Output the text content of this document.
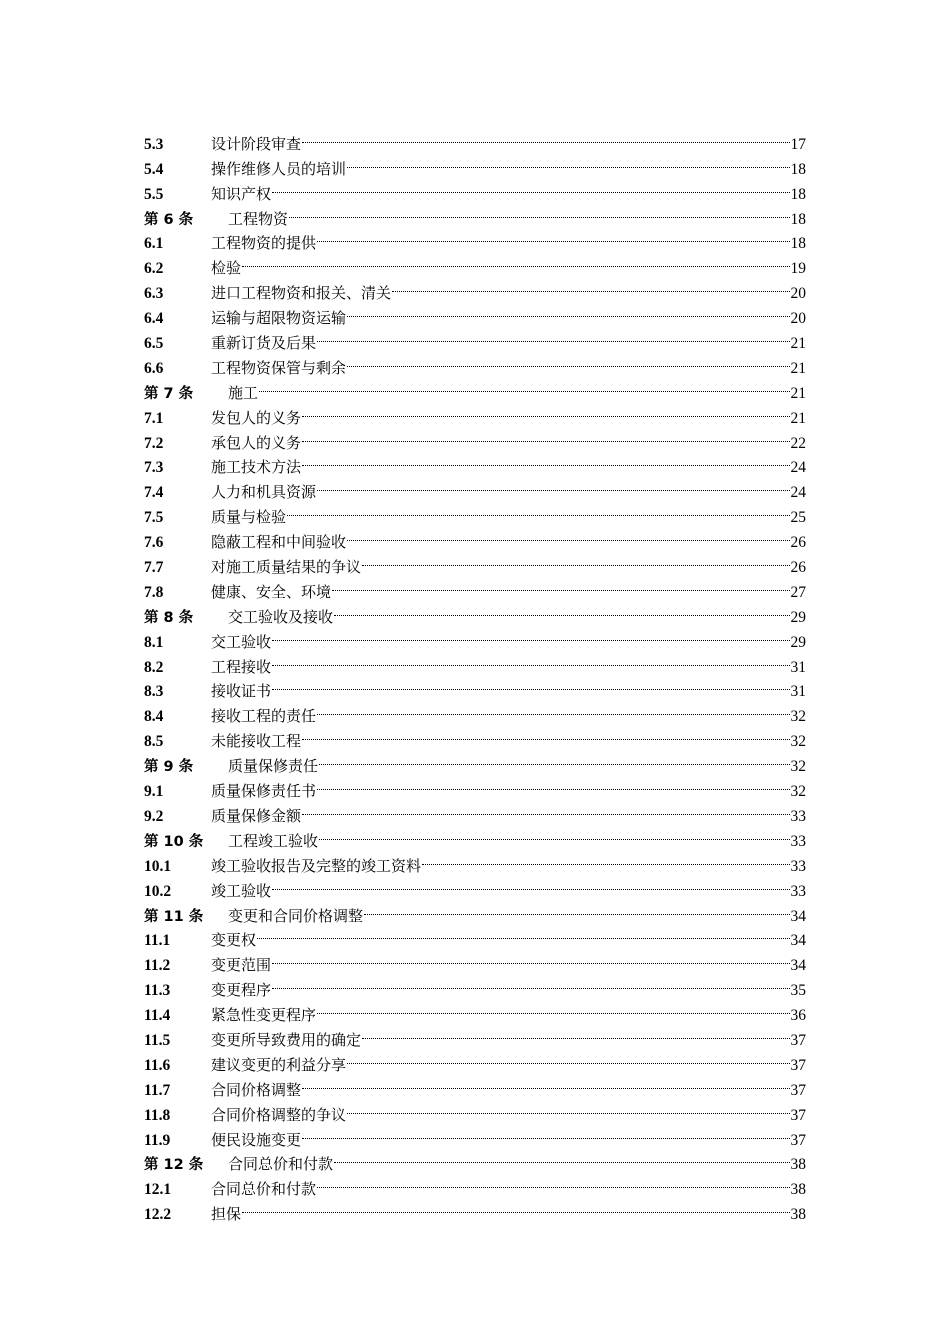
5.3	设计阶段审查	17
5.4	操作维修人员的培训	18
5.5	知识产权	18
第 6 条	工程物资	18
6.1	工程物资的提供	18
6.2	检验	19
6.3	进口工程物资和报关、清关	20
6.4	运输与超限物资运输	20
6.5	重新订货及后果	21
6.6	工程物资保管与剩余	21
第 7 条	施工	21
7.1	发包人的义务	21
7.2	承包人的义务	22
7.3	施工技术方法	24
7.4	人力和机具资源	24
7.5	质量与检验	25
7.6	隐蔽工程和中间验收	26
7.7	对施工质量结果的争议	26
7.8	健康、安全、环境	27
第 8 条	交工验收及接收	29
8.1	交工验收	29
8.2	工程接收	31
8.3	接收证书	31
8.4	接收工程的责任	32
8.5	未能接收工程	32
第 9 条	质量保修责任	32
9.1	质量保修责任书	32
9.2	质量保修金额	33
第 10 条	工程竣工验收	33
10.1	竣工验收报告及完整的竣工资料	33
10.2	竣工验收	33
第 11 条	变更和合同价格调整	34
11.1	变更权	34
11.2	变更范围	34
11.3	变更程序	35
11.4	紧急性变更程序	36
11.5	变更所导致费用的确定	37
11.6	建议变更的利益分享	37
11.7	合同价格调整	37
11.8	合同价格调整的争议	37
11.9	便民设施变更	37
第 12 条	合同总价和付款	38
12.1	合同总价和付款	38
12.2	担保	38
